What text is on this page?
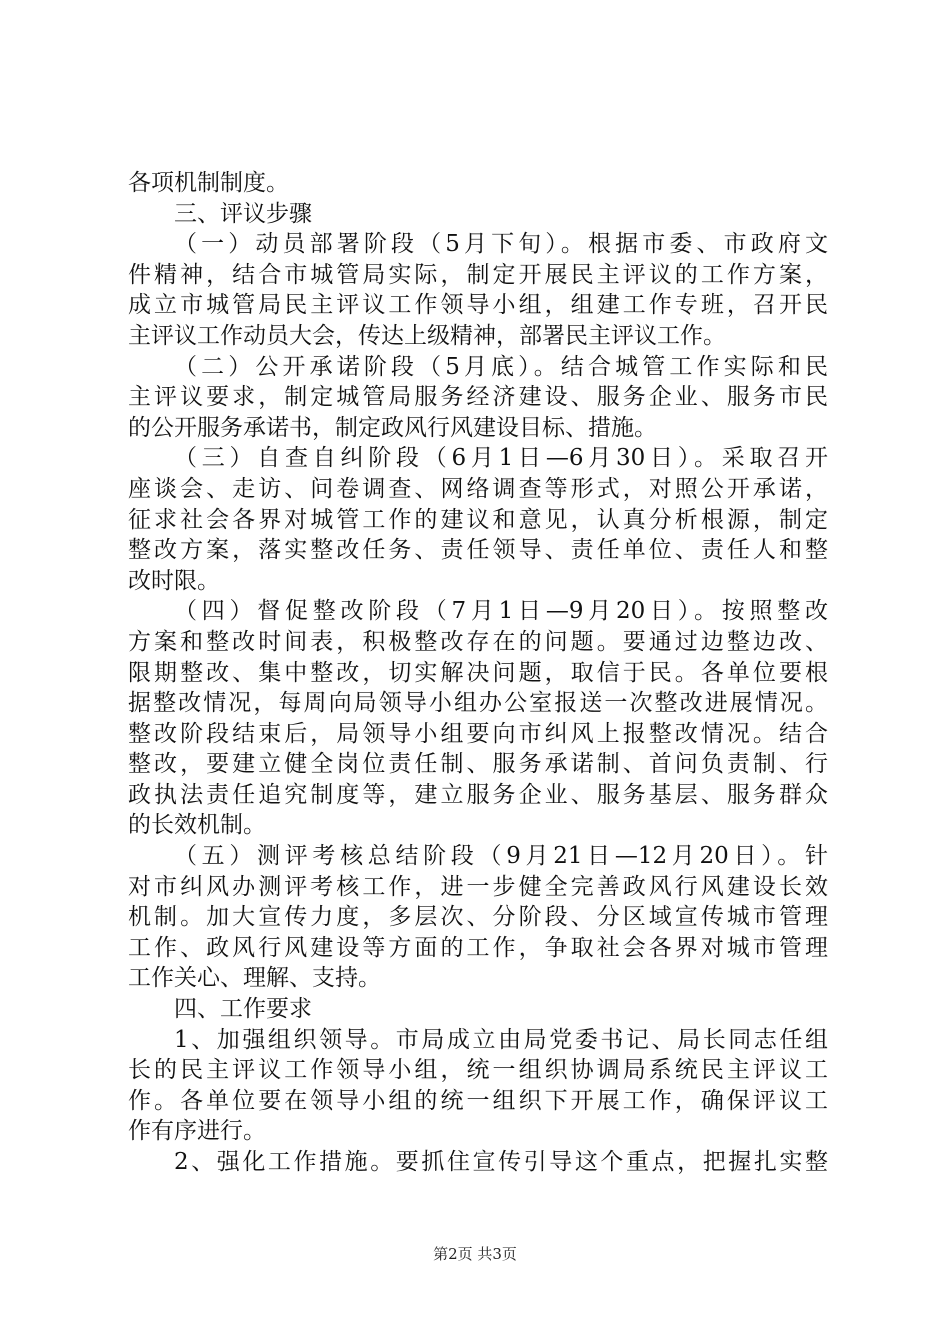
各项机制制度。
三、评议步骤
（一）动员部署阶段（5月下旬）。根据市委、市政府文
件精神，结合市城管局实际，制定开展民主评议的工作方案，
成立市城管局民主评议工作领导小组，组建工作专班，召开民
主评议工作动员大会，传达上级精神，部署民主评议工作。
（二）公开承诺阶段（5月底）。结合城管工作实际和民
主评议要求，制定城管局服务经济建设、服务企业、服务市民
的公开服务承诺书，制定政风行风建设目标、措施。
（三）自查自纠阶段（6月1日—6月30日）。采取召开
座谈会、走访、问卷调查、网络调查等形式，对照公开承诺，
征求社会各界对城管工作的建议和意见，认真分析根源，制定
整改方案，落实整改任务、责任领导、责任单位、责任人和整
改时限。
（四）督促整改阶段（7月1日—9月20日）。按照整改
方案和整改时间表，积极整改存在的问题。要通过边整边改、
限期整改、集中整改，切实解决问题，取信于民。各单位要根
据整改情况，每周向局领导小组办公室报送一次整改进展情况。
整改阶段结束后，局领导小组要向市纠风上报整改情况。结合
整改，要建立健全岗位责任制、服务承诺制、首问负责制、行
政执法责任追究制度等，建立服务企业、服务基层、服务群众
的长效机制。
（五）测评考核总结阶段（9月21日—12月20日）。针
对市纠风办测评考核工作，进一步健全完善政风行风建设长效
机制。加大宣传力度，多层次、分阶段、分区域宣传城市管理
工作、政风行风建设等方面的工作，争取社会各界对城市管理
工作关心、理解、支持。
四、工作要求
1、加强组织领导。市局成立由局党委书记、局长同志任组
长的民主评议工作领导小组，统一组织协调局系统民主评议工
作。各单位要在领导小组的统一组织下开展工作，确保评议工
作有序进行。
2、强化工作措施。要抓住宣传引导这个重点，把握扎实整
第2页 共3页
